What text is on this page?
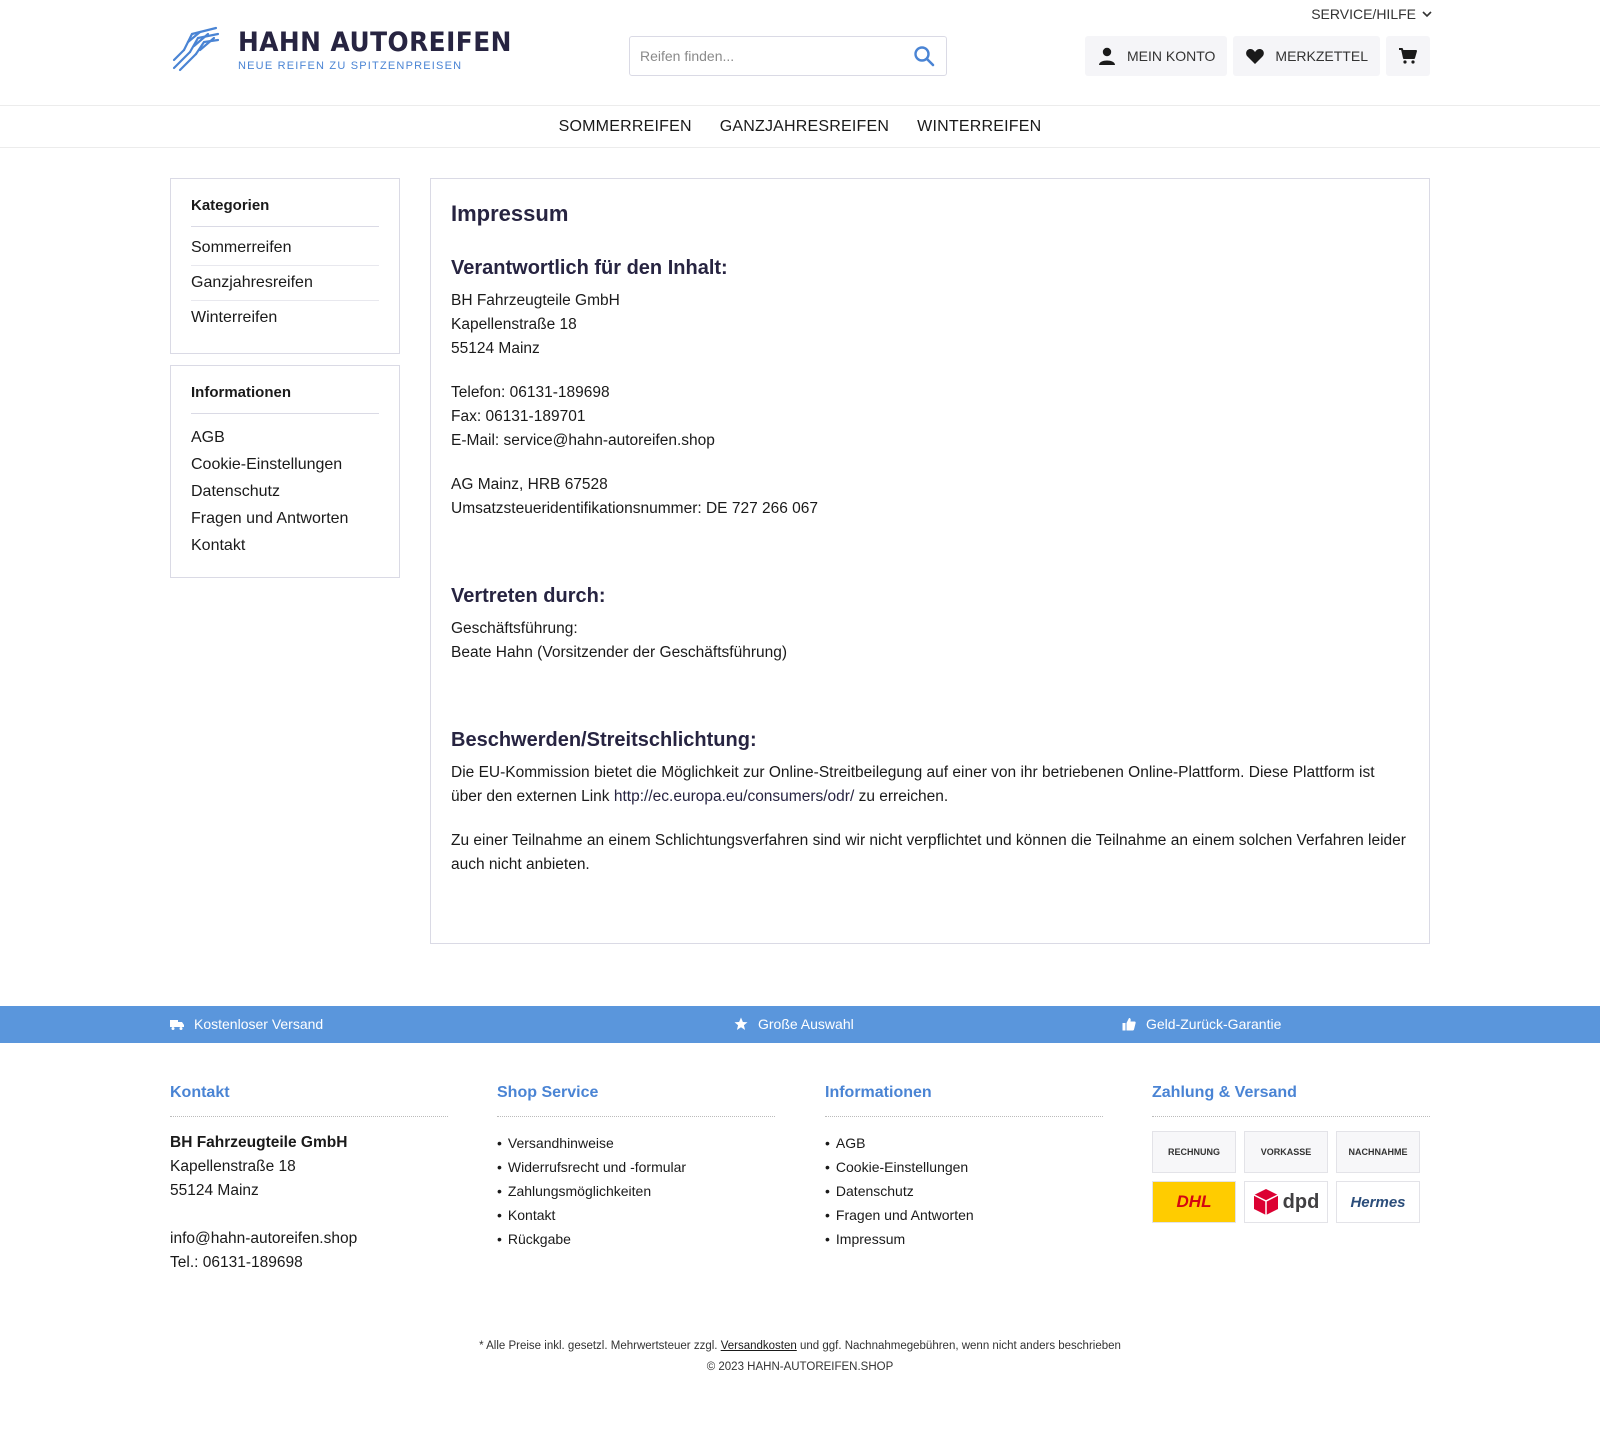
SERVICE/HILFE
HAHN AUTOREIFEN
NEUE REIFEN ZU SPITZENPREISEN
Reifen finden...
MEIN KONTO	MERKZETTEL
SOMMERREIFEN GANZJAHRESREIFEN WINTERREIFEN
Kategorien
Sommerreifen
Ganzjahresreifen
Winterreifen
Informationen
AGB
Cookie-Einstellungen
Datenschutz
Fragen und Antworten
Kontakt
Impressum
Verantwortlich für den Inhalt:

BH Fahrzeugteile GmbH

Kapellenstraße 18

55124 Mainz

Telefon: 06131-189698

Fax: 06131-189701

E-Mail: service@hahn-autoreifen.shop

AG Mainz, HRB 67528

Umsatzsteueridentifikationsnummer: DE 727 266 067

Vertreten durch:

Geschäftsführung:

Beate Hahn (Vorsitzender der Geschäftsführung)

Beschwerden/Streitschlichtung:

Die EU-Kommission bietet die Möglichkeit zur Online-Streitbeilegung auf einer von ihr betriebenen Online-Plattform. Diese Plattform ist über den externen Link http://ec.europa.eu/consumers/odr/ zu erreichen.

Zu einer Teilnahme an einem Schlichtungsverfahren sind wir nicht verpflichtet und können die Teilnahme an einem solchen Verfahren leider auch nicht anbieten.

Kostenloser Versand	Große Auswahl	Geld-Zurück-Garantie
Kontakt
BH Fahrzeugteile GmbH
Kapellenstraße 18
55124 Mainz

info@hahn-autoreifen.shop
Tel.: 06131-189698
Shop Service
• Versandhinweise
• Widerrufsrecht und -formular
• Zahlungsmöglichkeiten
• Kontakt
• Rückgabe
Informationen
• AGB
• Cookie-Einstellungen
• Datenschutz
• Fragen und Antworten
• Impressum
Zahlung & Versand
RECHNUNG	VORKASSE	NACHNAHME
DHL	dpd	Hermes
* Alle Preise inkl. gesetzl. Mehrwertsteuer zzgl. Versandkosten und ggf. Nachnahmegebühren, wenn nicht anders beschrieben
© 2023 HAHN-AUTOREIFEN.SHOP
